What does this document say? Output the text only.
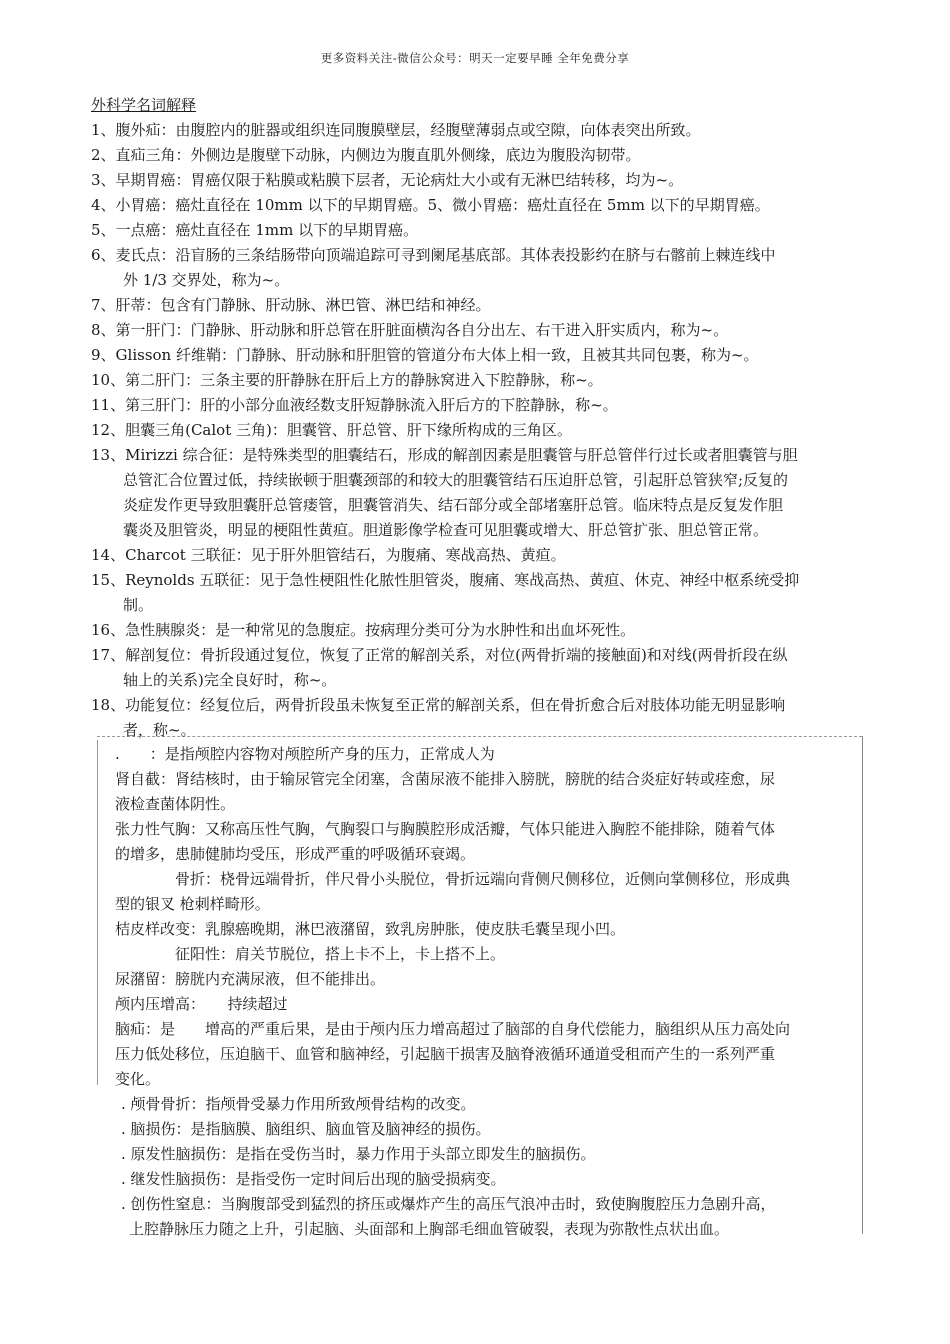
更多资料关注-微信公众号：明天一定要早睡 全年免费分享
外科学名词解释
1、腹外疝：由腹腔内的脏器或组织连同腹膜壁层，经腹壁薄弱点或空隙，向体表突出所致。
2、直疝三角：外侧边是腹壁下动脉，内侧边为腹直肌外侧缘，底边为腹股沟韧带。
3、早期胃癌：胃癌仅限于粘膜或粘膜下层者，无论病灶大小或有无淋巴结转移，均为~。
4、小胃癌：癌灶直径在 10mm 以下的早期胃癌。5、微小胃癌：癌灶直径在 5mm 以下的早期胃癌。
5、一点癌：癌灶直径在 1mm 以下的早期胃癌。
6、麦氏点：沿盲肠的三条结肠带向顶端追踪可寻到阑尾基底部。其体表投影约在脐与右髂前上棘连线中
外 1/3 交界处，称为~。
7、肝蒂：包含有门静脉、肝动脉、淋巴管、淋巴结和神经。
8、第一肝门：门静脉、肝动脉和肝总管在肝脏面横沟各自分出左、右干进入肝实质内，称为~。
9、Glisson 纤维鞘：门静脉、肝动脉和肝胆管的管道分布大体上相一致，且被其共同包裹，称为~。
10、第二肝门：三条主要的肝静脉在肝后上方的静脉窝进入下腔静脉，称~。
11、第三肝门：肝的小部分血液经数支肝短静脉流入肝后方的下腔静脉，称~。
12、胆囊三角(Calot 三角)：胆囊管、肝总管、肝下缘所构成的三角区。
13、Mirizzi 综合征：是特殊类型的胆囊结石，形成的解剖因素是胆囊管与肝总管伴行过长或者胆囊管与胆
总管汇合位置过低，持续嵌顿于胆囊颈部的和较大的胆囊管结石压迫肝总管，引起肝总管狭窄;反复的
炎症发作更导致胆囊肝总管瘘管，胆囊管消失、结石部分或全部堵塞肝总管。临床特点是反复发作胆
囊炎及胆管炎，明显的梗阻性黄疸。胆道影像学检查可见胆囊或增大、肝总管扩张、胆总管正常。
14、Charcot 三联征：见于肝外胆管结石，为腹痛、寒战高热、黄疸。
15、Reynolds 五联征：见于急性梗阻性化脓性胆管炎，腹痛、寒战高热、黄疸、休克、神经中枢系统受抑
制。
16、急性胰腺炎：是一种常见的急腹症。按病理分类可分为水肿性和出血坏死性。
17、解剖复位：骨折段通过复位，恢复了正常的解剖关系，对位(两骨折端的接触面)和对线(两骨折段在纵
轴上的关系)完全良好时，称~。
18、功能复位：经复位后，两骨折段虽未恢复至正常的解剖关系，但在骨折愈合后对肢体功能无明显影响
者，称~。
.　　：是指颅腔内容物对颅腔所产身的压力，正常成人为
肾自截：肾结核时，由于输尿管完全闭塞，含菌尿液不能排入膀胱，膀胱的结合炎症好转或痊愈，尿
液检查菌体阴性。
张力性气胸：又称高压性气胸，气胸裂口与胸膜腔形成活瓣，气体只能进入胸腔不能排除，随着气体
的增多，患肺健肺均受压，形成严重的呼吸循环衰竭。
骨折：桡骨远端骨折，伴尺骨小头脱位，骨折远端向背侧尺侧移位，近侧向掌侧移位，形成典
型的银叉 枪刺样畸形。
桔皮样改变：乳腺癌晚期，淋巴液潴留，致乳房肿胀，使皮肤毛囊呈现小凹。
征阳性：肩关节脱位，搭上卡不上，卡上搭不上。
尿潴留：膀胱内充满尿液，但不能排出。
颅内压增高：　　持续超过
脑疝：是　　增高的严重后果，是由于颅内压力增高超过了脑部的自身代偿能力，脑组织从压力高处向
压力低处移位，压迫脑干、血管和脑神经，引起脑干损害及脑脊液循环通道受租而产生的一系列严重
变化。
. 颅骨骨折：指颅骨受暴力作用所致颅骨结构的改变。
. 脑损伤：是指脑膜、脑组织、脑血管及脑神经的损伤。
. 原发性脑损伤：是指在受伤当时，暴力作用于头部立即发生的脑损伤。
. 继发性脑损伤：是指受伤一定时间后出现的脑受损病变。
. 创伤性窒息：当胸腹部受到猛烈的挤压或爆炸产生的高压气浪冲击时，致使胸腹腔压力急剧升高，
上腔静脉压力随之上升，引起脑、头面部和上胸部毛细血管破裂，表现为弥散性点状出血。
